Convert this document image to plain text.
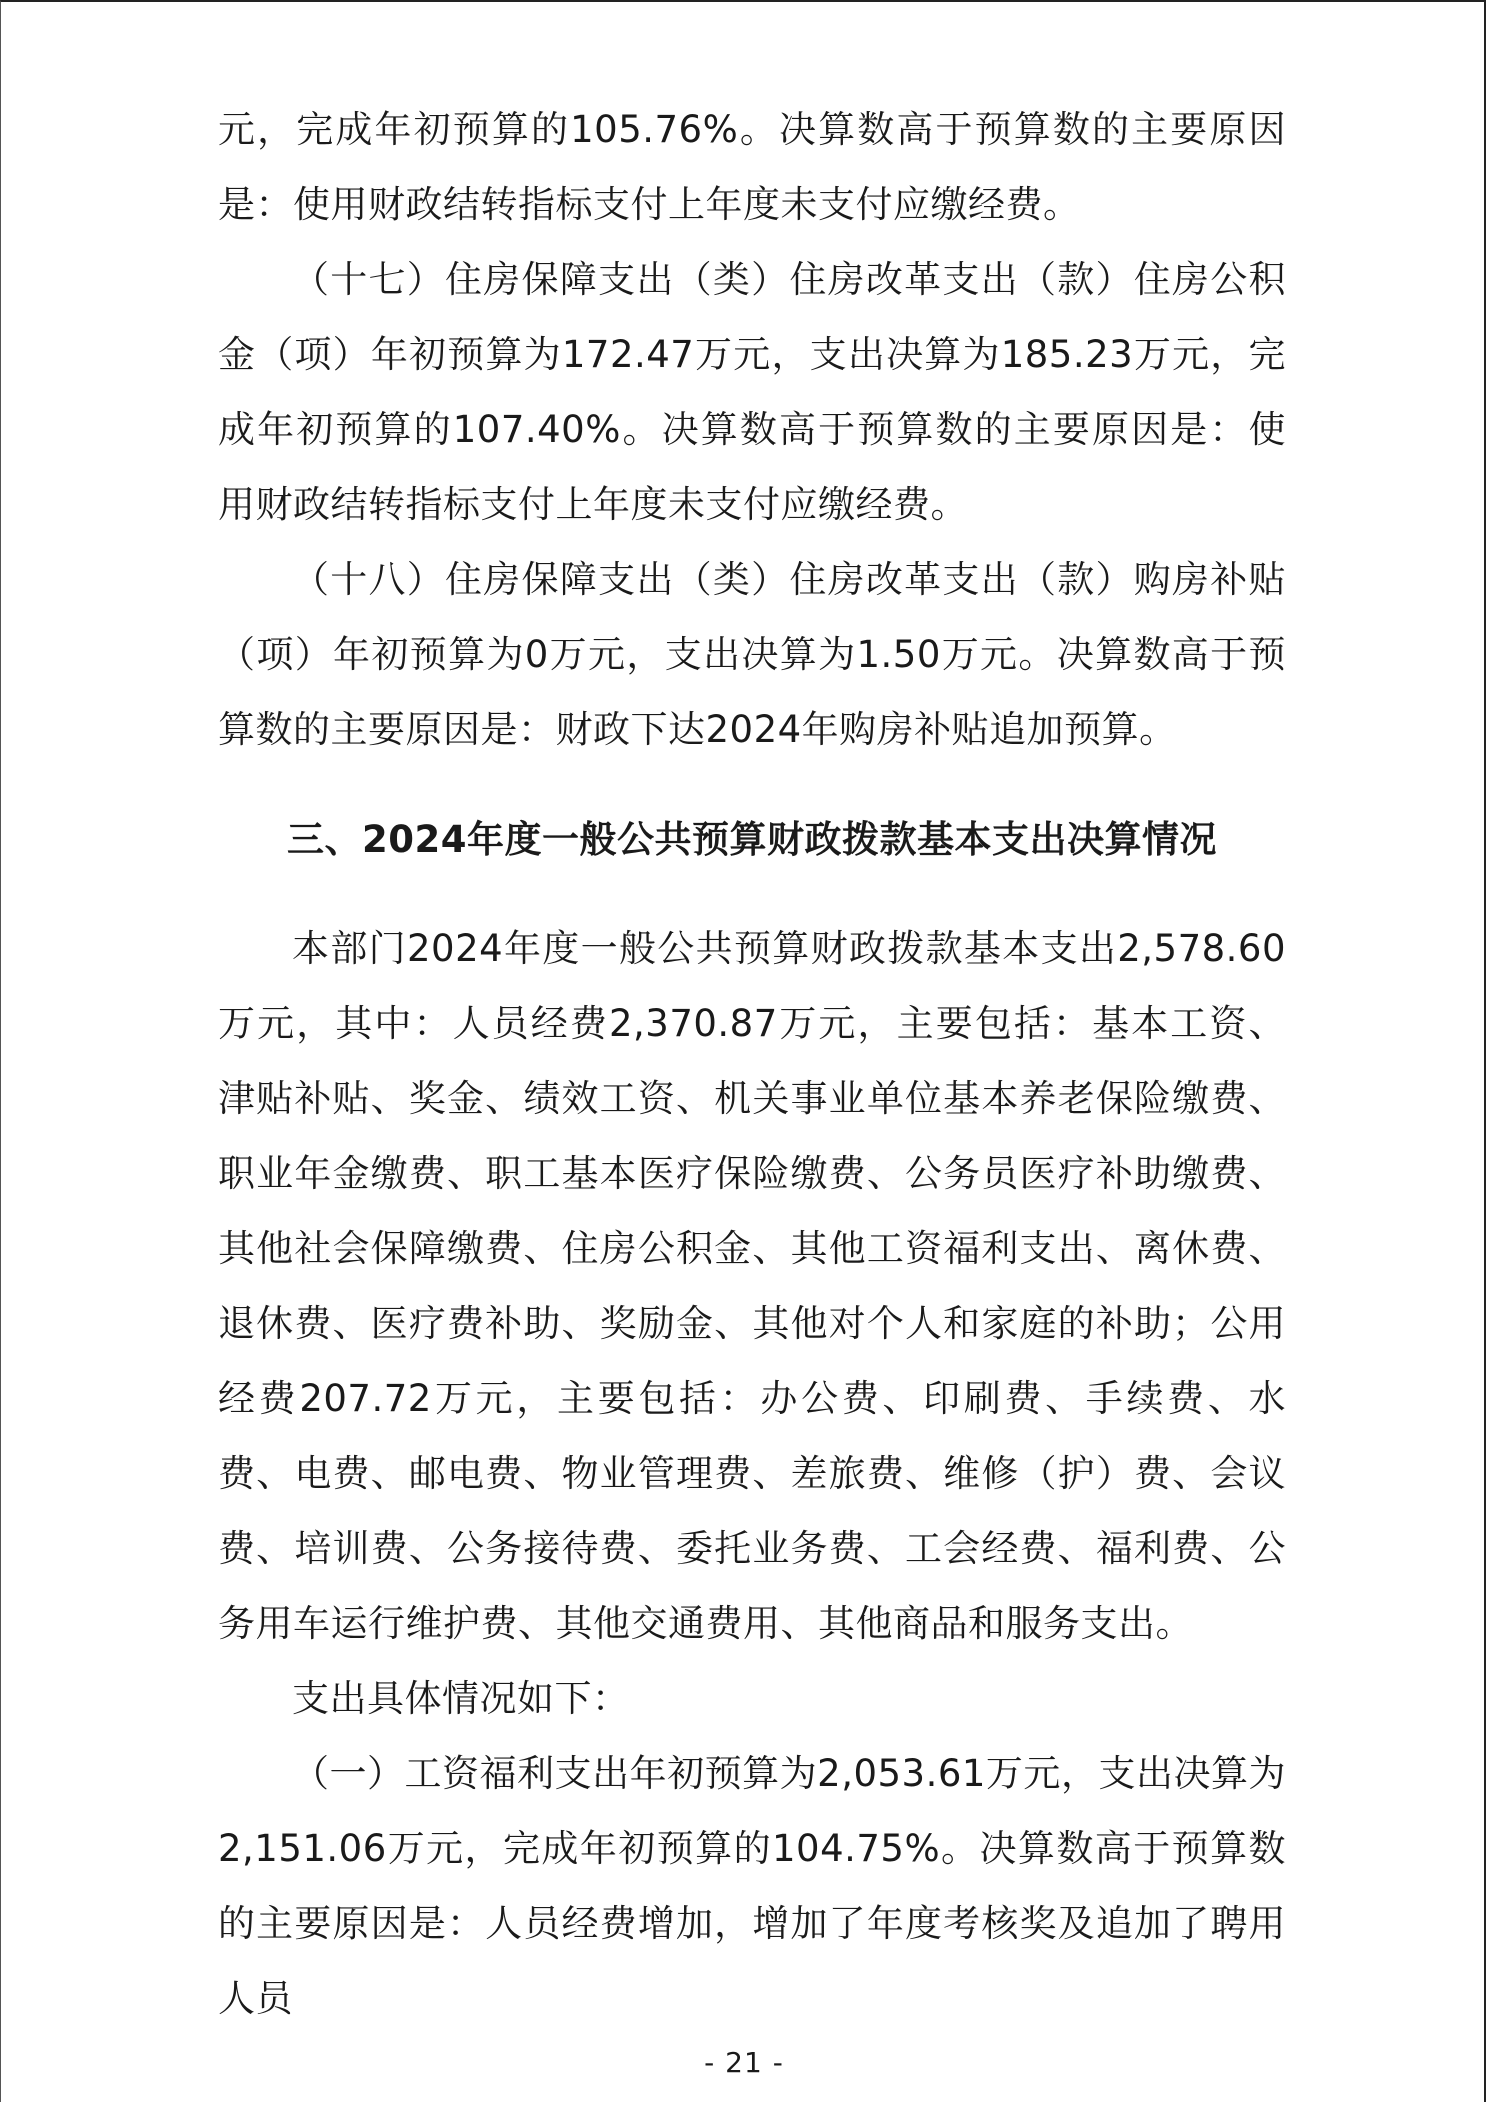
元，完成年初预算的105.76%。决算数高于预算数的主要原因是：使用财政结转指标支付上年度未支付应缴经费。

（十七）住房保障支出（类）住房改革支出（款）住房公积金（项）年初预算为172.47万元，支出决算为185.23万元，完成年初预算的107.40%。决算数高于预算数的主要原因是：使用财政结转指标支付上年度未支付应缴经费。

（十八）住房保障支出（类）住房改革支出（款）购房补贴（项）年初预算为0万元，支出决算为1.50万元。决算数高于预算数的主要原因是：财政下达2024年购房补贴追加预算。

三、2024年度一般公共预算财政拨款基本支出决算情况

本部门2024年度一般公共预算财政拨款基本支出2,578.60万元，其中：人员经费2,370.87万元，主要包括：基本工资、津贴补贴、奖金、绩效工资、机关事业单位基本养老保险缴费、职业年金缴费、职工基本医疗保险缴费、公务员医疗补助缴费、其他社会保障缴费、住房公积金、其他工资福利支出、离休费、退休费、医疗费补助、奖励金、其他对个人和家庭的补助；公用经费207.72万元，主要包括：办公费、印刷费、手续费、水费、电费、邮电费、物业管理费、差旅费、维修（护）费、会议费、培训费、公务接待费、委托业务费、工会经费、福利费、公务用车运行维护费、其他交通费用、其他商品和服务支出。

支出具体情况如下：

（一）工资福利支出年初预算为2,053.61万元，支出决算为2,151.06万元，完成年初预算的104.75%。决算数高于预算数的主要原因是：人员经费增加，增加了年度考核奖及追加了聘用人员

- 21 -
